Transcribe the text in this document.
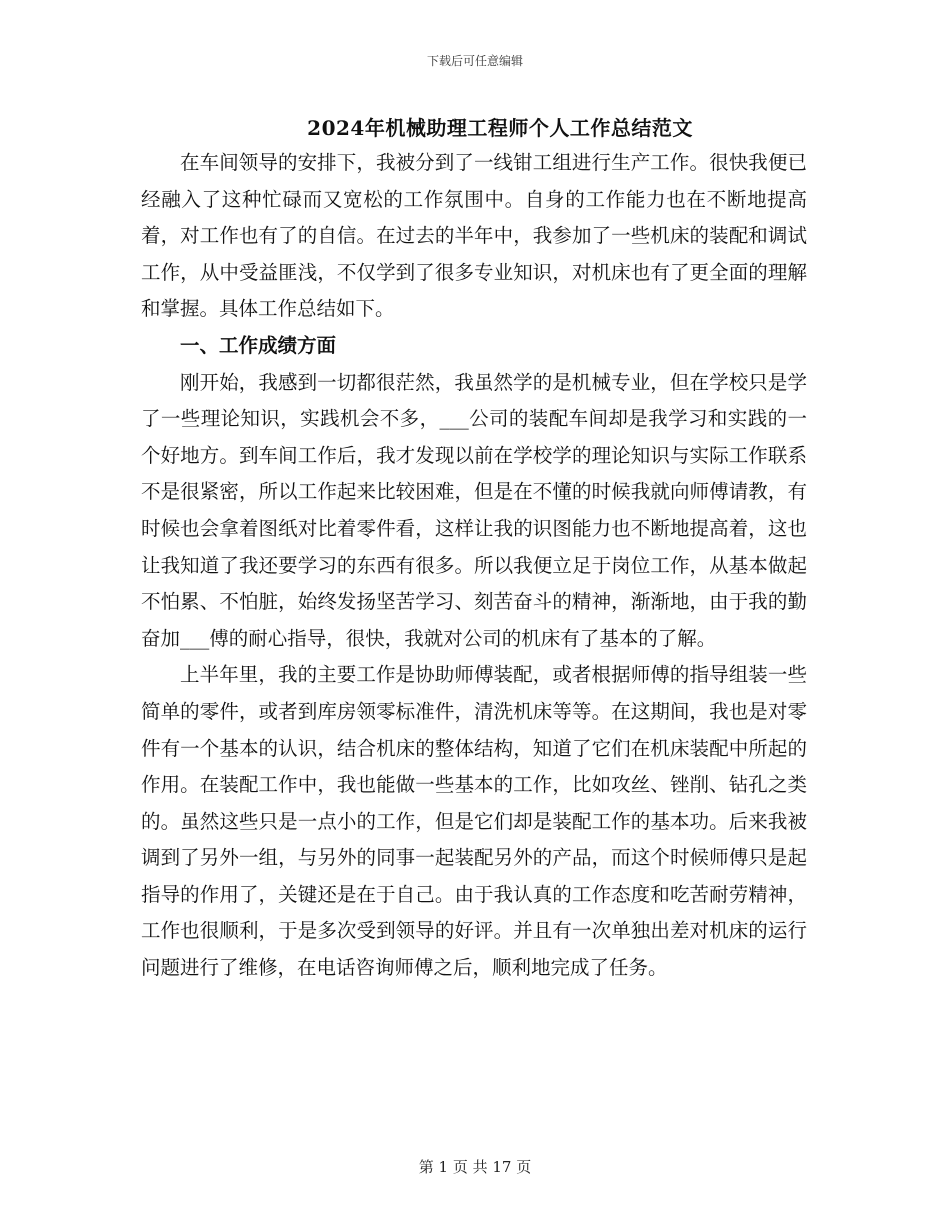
下载后可任意编辑
2024年机械助理工程师个人工作总结范文

在车间领导的安排下，我被分到了一线钳工组进行生产工作。很快我便已经融入了这种忙碌而又宽松的工作氛围中。自身的工作能力也在不断地提高着，对工作也有了的自信。在过去的半年中，我参加了一些机床的装配和调试工作，从中受益匪浅，不仅学到了很多专业知识，对机床也有了更全面的理解和掌握。具体工作总结如下。

一、工作成绩方面

刚开始，我感到一切都很茫然，我虽然学的是机械专业，但在学校只是学了一些理论知识，实践机会不多，___公司的装配车间却是我学习和实践的一个好地方。到车间工作后，我才发现以前在学校学的理论知识与实际工作联系不是很紧密，所以工作起来比较困难，但是在不懂的时候我就向师傅请教，有时候也会拿着图纸对比着零件看，这样让我的识图能力也不断地提高着，这也让我知道了我还要学习的东西有很多。所以我便立足于岗位工作，从基本做起不怕累、不怕脏，始终发扬坚苦学习、刻苦奋斗的精神，渐渐地，由于我的勤奋加___傅的耐心指导，很快，我就对公司的机床有了基本的了解。

上半年里，我的主要工作是协助师傅装配，或者根据师傅的指导组装一些简单的零件，或者到库房领零标准件，清洗机床等等。在这期间，我也是对零件有一个基本的认识，结合机床的整体结构，知道了它们在机床装配中所起的作用。在装配工作中，我也能做一些基本的工作，比如攻丝、锉削、钻孔之类的。虽然这些只是一点小的工作，但是它们却是装配工作的基本功。后来我被调到了另外一组，与另外的同事一起装配另外的产品，而这个时候师傅只是起指导的作用了，关键还是在于自己。由于我认真的工作态度和吃苦耐劳精神，工作也很顺利，于是多次受到领导的好评。并且有一次单独出差对机床的运行问题进行了维修，在电话咨询师傅之后，顺利地完成了任务。

第 1 页 共 17 页
